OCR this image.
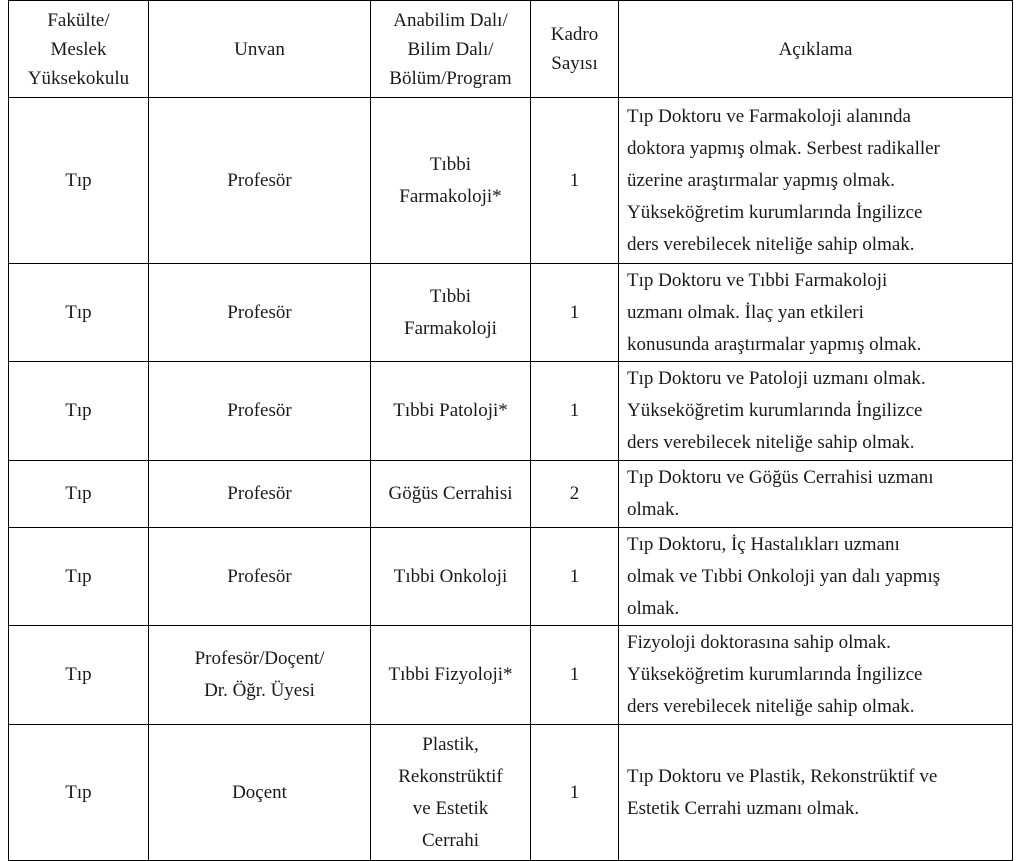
Fakülte/
Meslek
Yüksekokulu	Unvan	Anabilim Dalı/
Bilim Dalı/
Bölüm/Program	Kadro
Sayısı	Açıklama
Tıp	Profesör	Tıbbi
Farmakoloji*	1	Tıp Doktoru ve Farmakoloji alanında
doktora yapmış olmak. Serbest radikaller
üzerine araştırmalar yapmış olmak.
Yükseköğretim kurumlarında İngilizce
ders verebilecek niteliğe sahip olmak.
Tıp	Profesör	Tıbbi
Farmakoloji	1	Tıp Doktoru ve Tıbbi Farmakoloji
uzmanı olmak. İlaç yan etkileri
konusunda araştırmalar yapmış olmak.
Tıp	Profesör	Tıbbi Patoloji*	1	Tıp Doktoru ve Patoloji uzmanı olmak.
Yükseköğretim kurumlarında İngilizce
ders verebilecek niteliğe sahip olmak.
Tıp	Profesör	Göğüs Cerrahisi	2	Tıp Doktoru ve Göğüs Cerrahisi uzmanı
olmak.
Tıp	Profesör	Tıbbi Onkoloji	1	Tıp Doktoru, İç Hastalıkları uzmanı
olmak ve Tıbbi Onkoloji yan dalı yapmış
olmak.
Tıp	Profesör/Doçent/
Dr. Öğr. Üyesi	Tıbbi Fizyoloji*	1	Fizyoloji doktorasına sahip olmak.
Yükseköğretim kurumlarında İngilizce
ders verebilecek niteliğe sahip olmak.
Tıp	Doçent	Plastik,
Rekonstrüktif
ve Estetik
Cerrahi	1	Tıp Doktoru ve Plastik, Rekonstrüktif ve
Estetik Cerrahi uzmanı olmak.
